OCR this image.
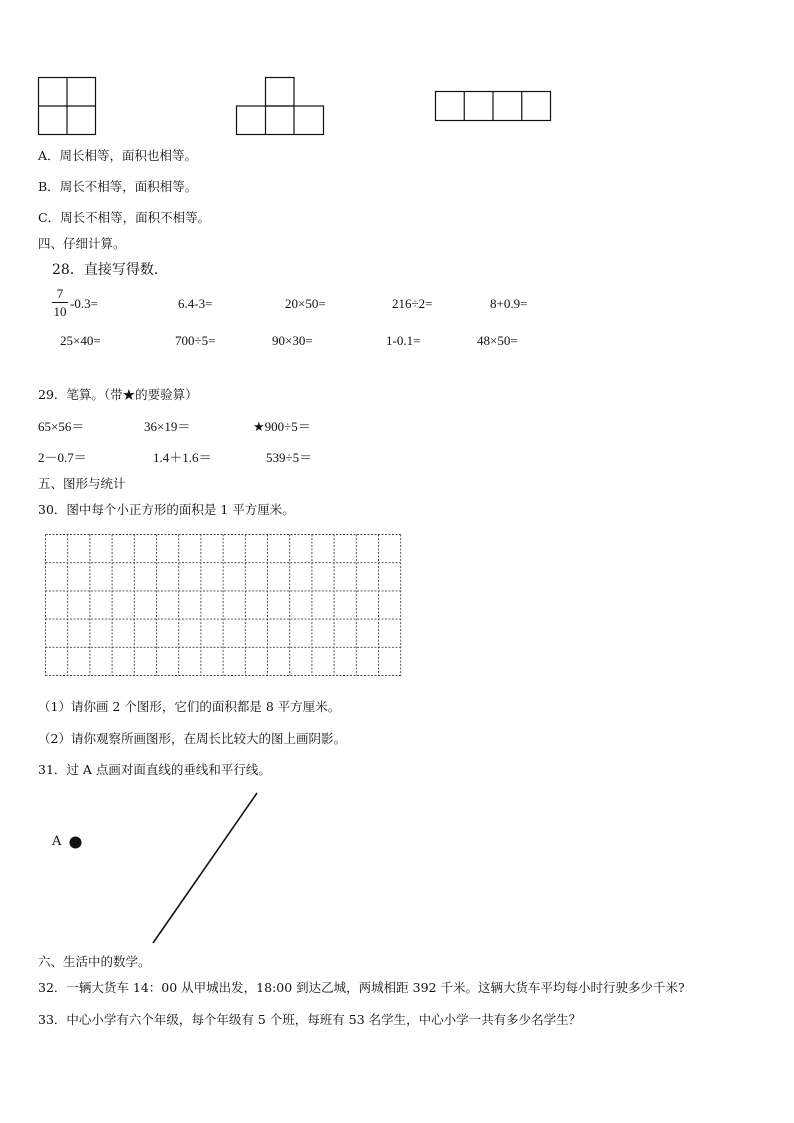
A．周长相等，面积也相等。
B．周长不相等，面积相等。
C．周长不相等，面积不相等。
四、仔细计算。
28．直接写得数．
7
10
-0.3=	6.4-3=	20×50=	216÷2=	8+0.9=
25×40=	700÷5=	90×30=	1-0.1=	48×50=
29．笔算。（带★的要验算）
65×56＝	36×19＝	★900÷5＝
2－0.7＝	1.4＋1.6＝	539÷5＝
五、图形与统计
30．图中每个小正方形的面积是 1 平方厘米。
（1）请你画 2 个图形，它们的面积都是 8 平方厘米。
（2）请你观察所画图形，在周长比较大的图上画阴影。
31．过 A 点画对面直线的垂线和平行线。
A
六、生活中的数学。
32．一辆大货车 14：00 从甲城出发，18:00 到达乙城，两城相距 392 千米。这辆大货车平均每小时行驶多少千米?
33．中心小学有六个年级，每个年级有 5 个班，每班有 53 名学生，中心小学一共有多少名学生？
